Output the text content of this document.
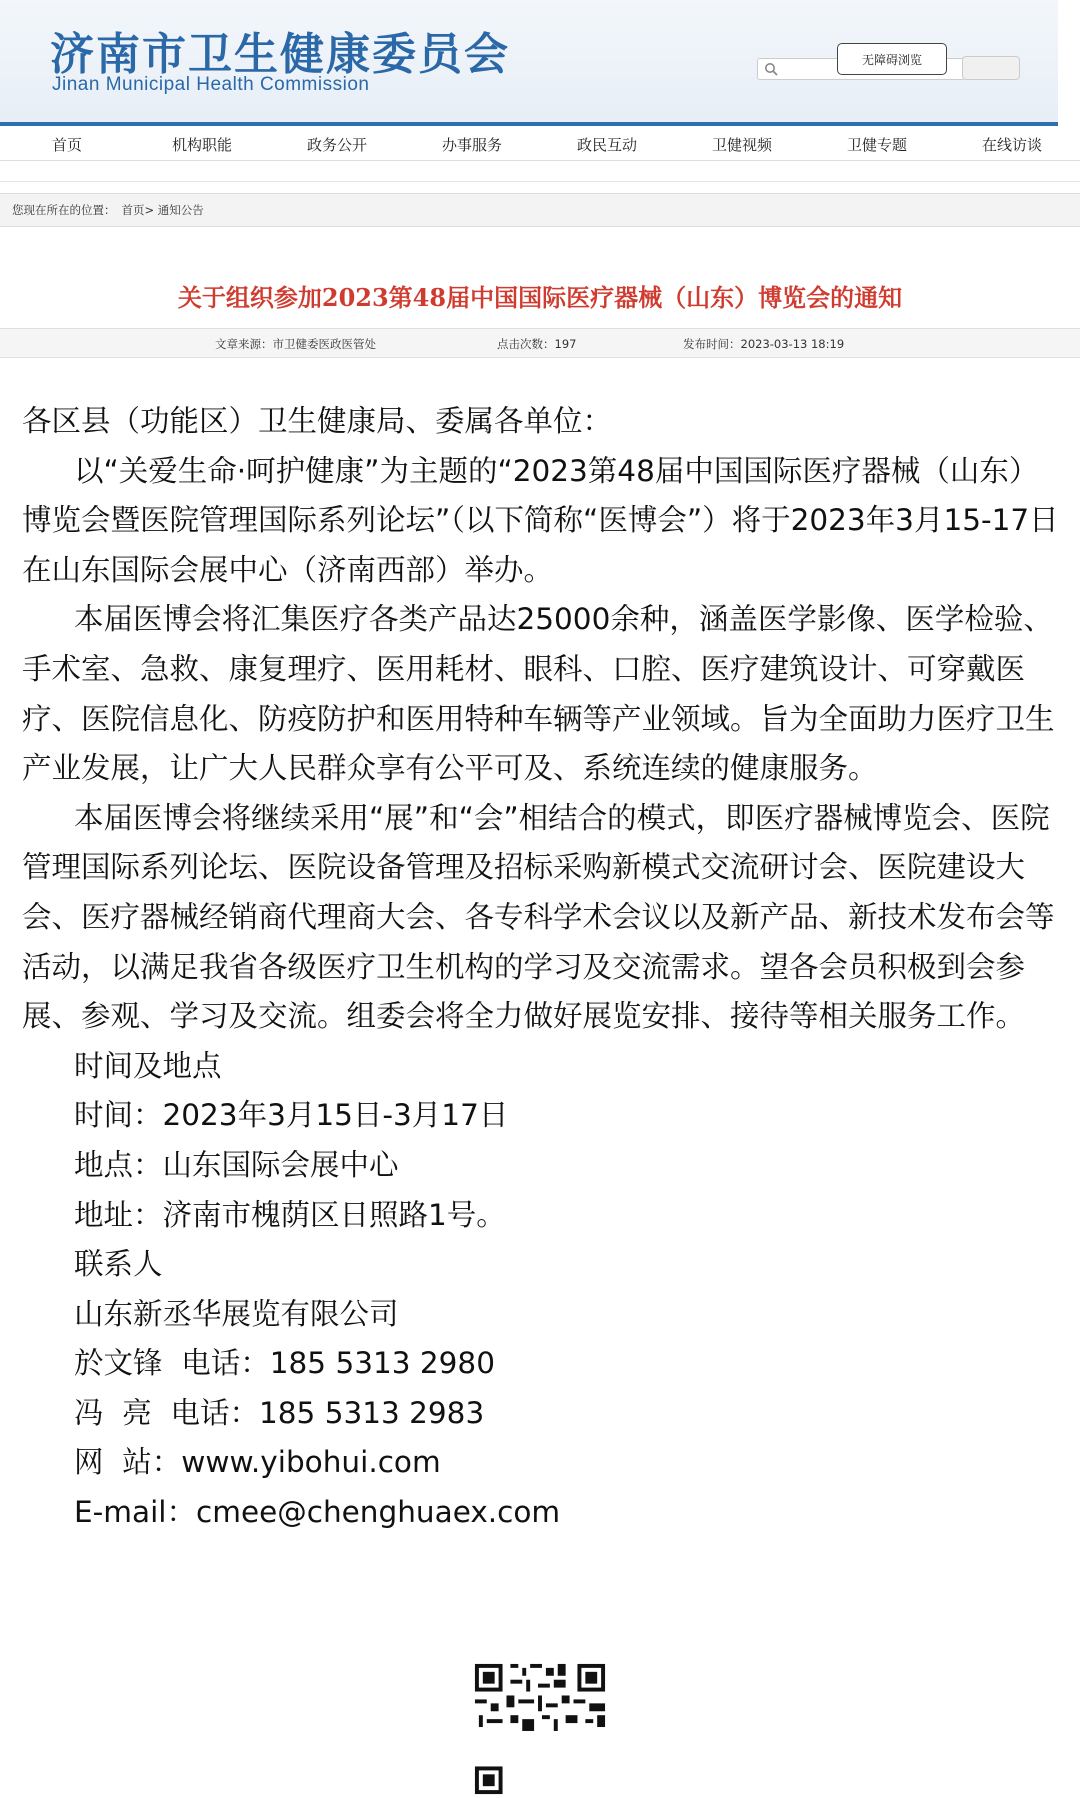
济南市卫生健康委员会
Jinan Municipal Health Commission
无障碍浏览
首页	机构职能	政务公开	办事服务	政民互动	卫健视频	卫健专题	在线访谈
您现在所在的位置： 首页> 通知公告
关于组织参加2023第48届中国国际医疗器械（山东）博览会的通知
文章来源：市卫健委医政医管处	点击次数：197	发布时间：2023-03-13 18:19

各区县（功能区）卫生健康局、委属各单位：

以“关爱生命·呵护健康”为主题的“2023第48届中国国际医疗器械（山东）博览会暨医院管理国际系列论坛”（以下简称“医博会”）将于2023年3月15-17日在山东国际会展中心（济南西部）举办。

本届医博会将汇集医疗各类产品达25000余种，涵盖医学影像、医学检验、手术室、急救、康复理疗、医用耗材、眼科、口腔、医疗建筑设计、可穿戴医疗、医院信息化、防疫防护和医用特种车辆等产业领域。旨为全面助力医疗卫生产业发展，让广大人民群众享有公平可及、系统连续的健康服务。

本届医博会将继续采用“展”和“会”相结合的模式，即医疗器械博览会、医院管理国际系列论坛、医院设备管理及招标采购新模式交流研讨会、医院建设大会、医疗器械经销商代理商大会、各专科学术会议以及新产品、新技术发布会等活动，以满足我省各级医疗卫生机构的学习及交流需求。望各会员积极到会参展、参观、学习及交流。组委会将全力做好展览安排、接待等相关服务工作。

时间及地点

时间：2023年3月15日-3月17日

地点：山东国际会展中心

地址：济南市槐荫区日照路1号。

联系人

山东新丞华展览有限公司

於文锋  电话：185 5313 2980

冯  亮  电话：185 5313 2983

网  站：www.yibohui.com

E-mail：cmee@chenghuaex.com
